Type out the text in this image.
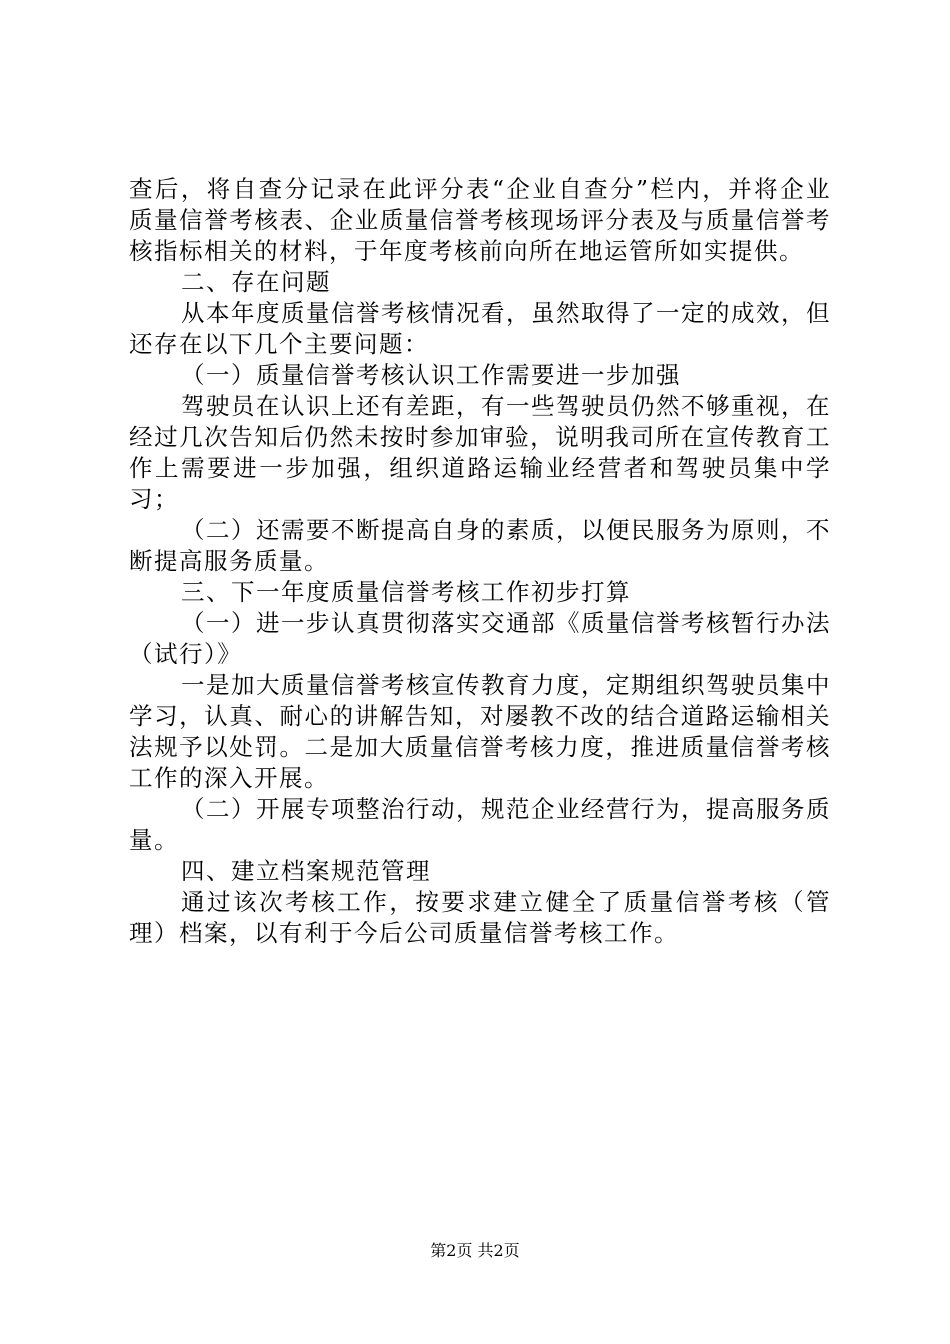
查后，将自查分记录在此评分表“企业自查分”栏内，并将企业质量信誉考核表、企业质量信誉考核现场评分表及与质量信誉考核指标相关的材料，于年度考核前向所在地运管所如实提供。

二、存在问题

从本年度质量信誉考核情况看，虽然取得了一定的成效，但还存在以下几个主要问题：

（一）质量信誉考核认识工作需要进一步加强

驾驶员在认识上还有差距，有一些驾驶员仍然不够重视，在经过几次告知后仍然未按时参加审验，说明我司所在宣传教育工作上需要进一步加强，组织道路运输业经营者和驾驶员集中学习；

（二）还需要不断提高自身的素质，以便民服务为原则，不断提高服务质量。

三、下一年度质量信誉考核工作初步打算

（一）进一步认真贯彻落实交通部《质量信誉考核暂行办法（试行）》

一是加大质量信誉考核宣传教育力度，定期组织驾驶员集中学习，认真、耐心的讲解告知，对屡教不改的结合道路运输相关法规予以处罚。二是加大质量信誉考核力度，推进质量信誉考核工作的深入开展。

（二）开展专项整治行动，规范企业经营行为，提高服务质量。

四、建立档案规范管理

通过该次考核工作，按要求建立健全了质量信誉考核（管理）档案，以有利于今后公司质量信誉考核工作。

第2页 共2页
